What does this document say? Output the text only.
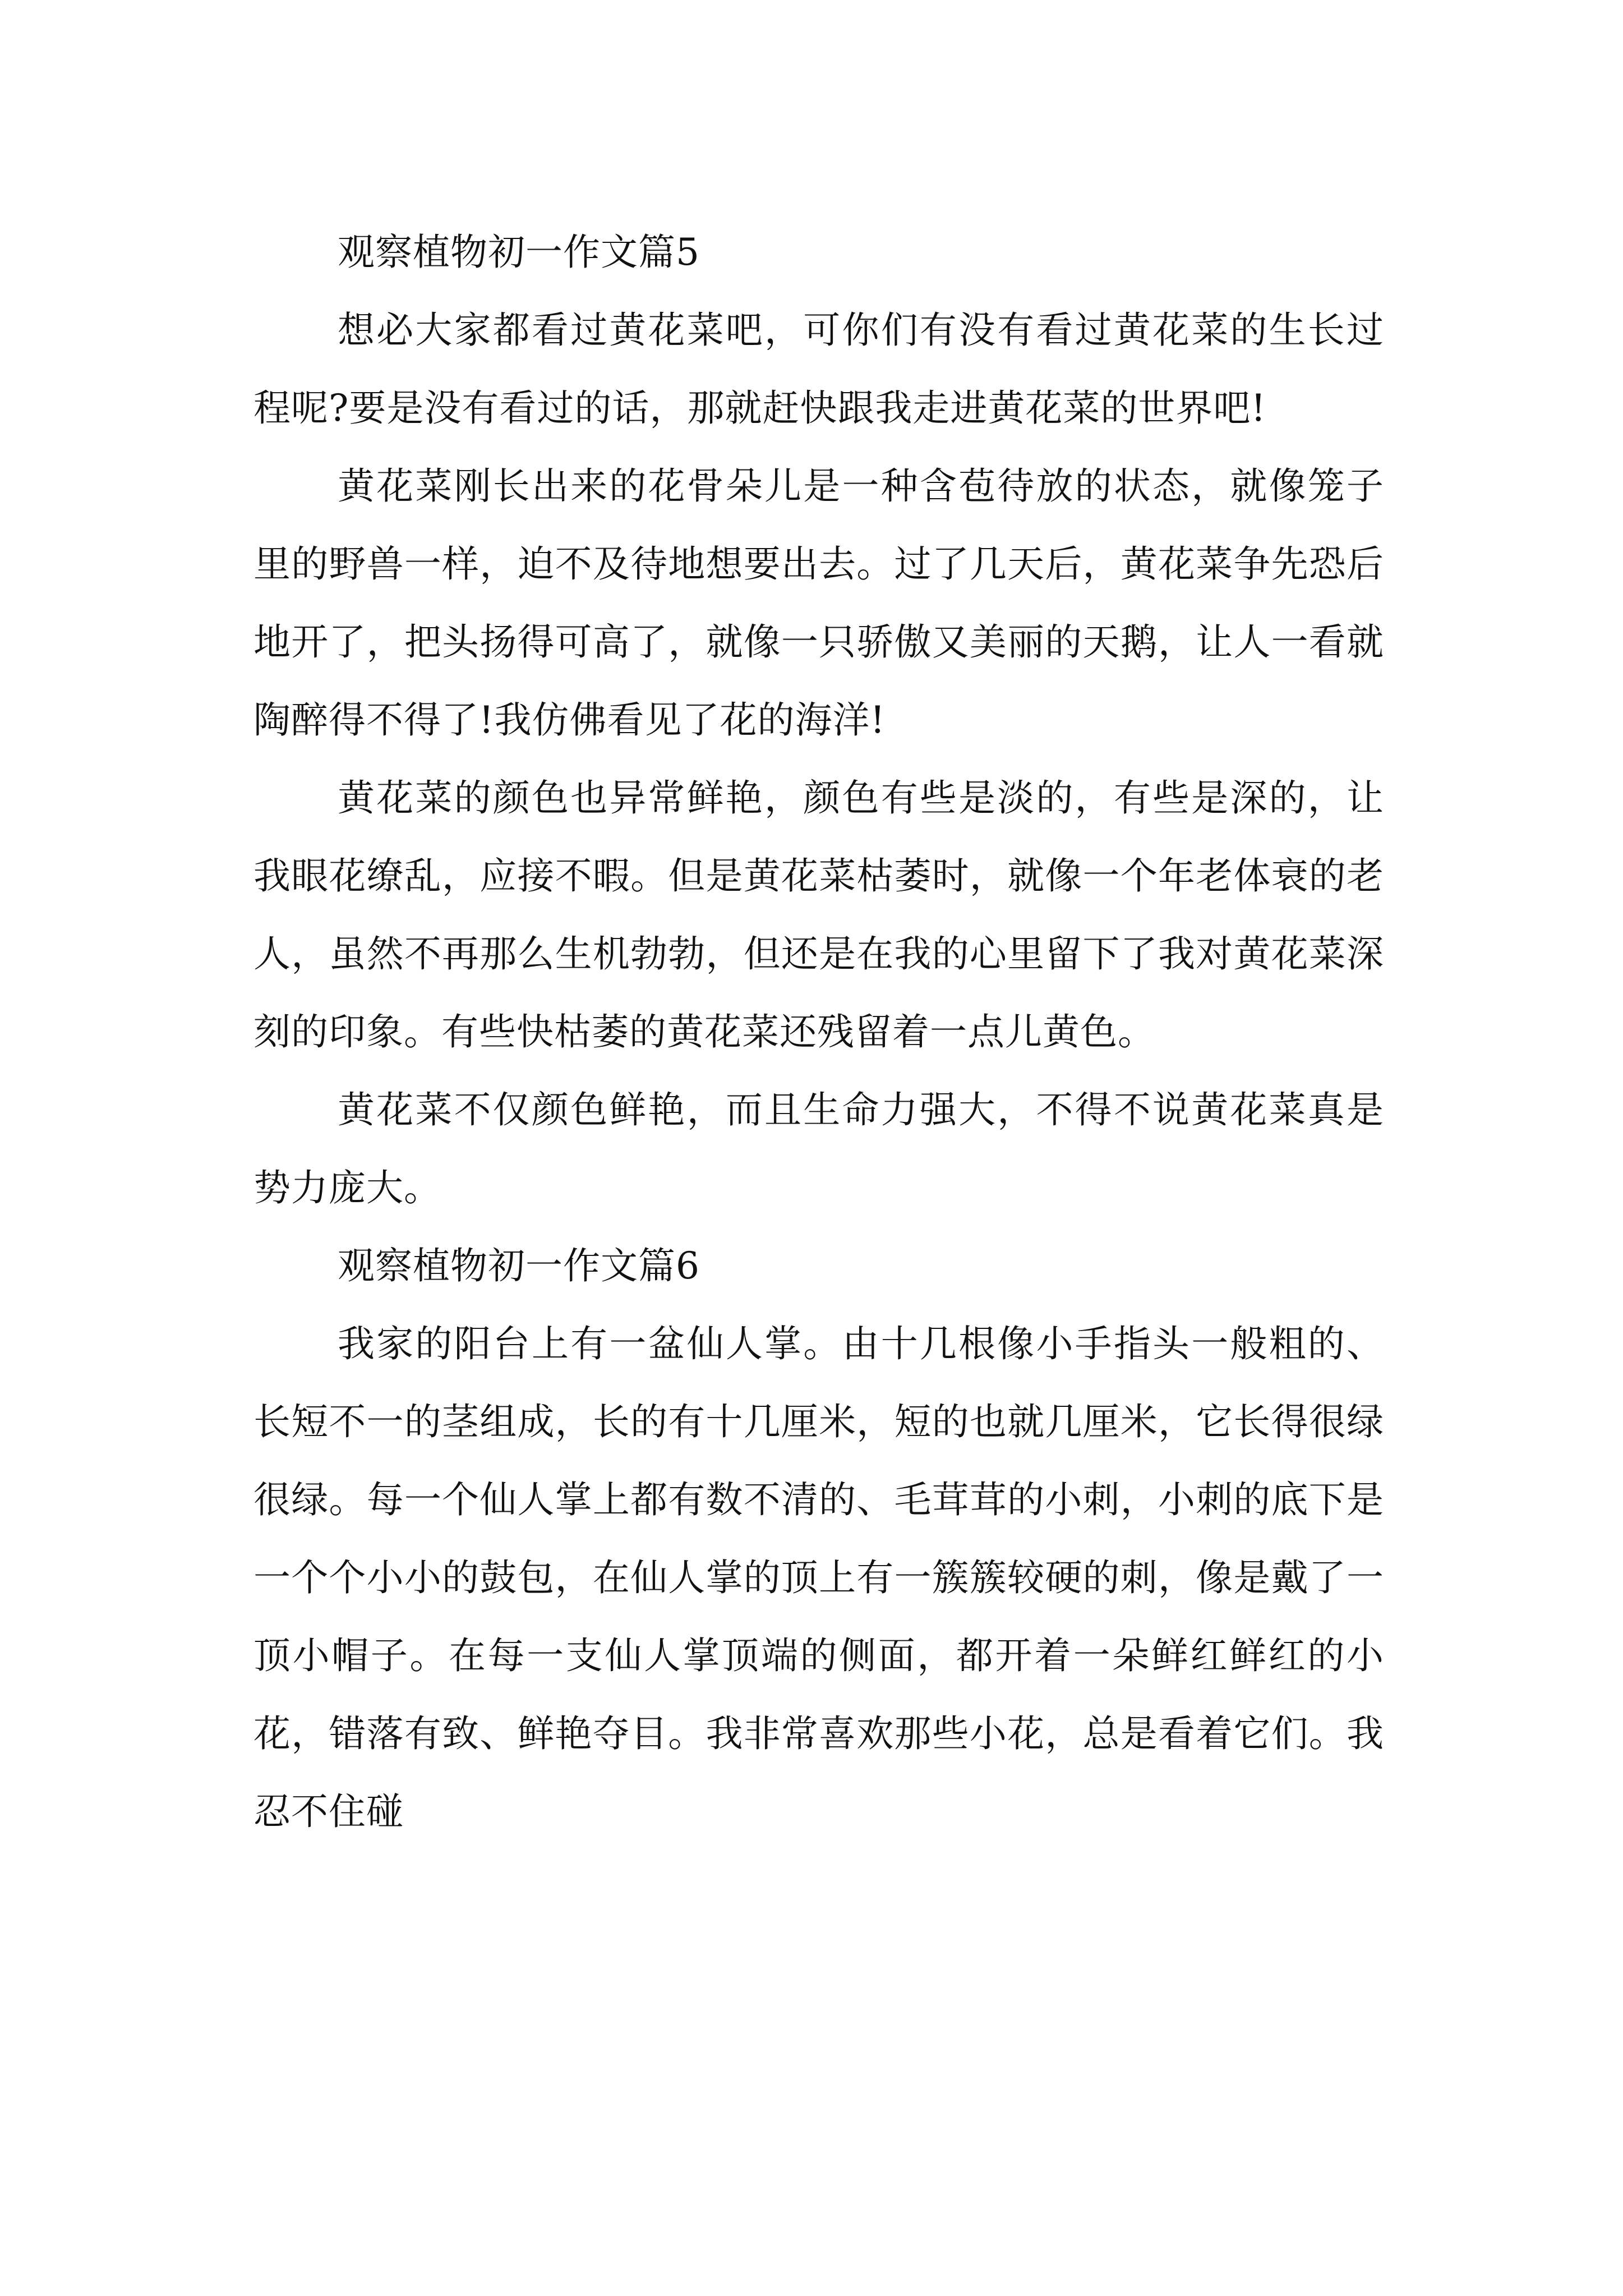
观察植物初一作文篇5

想必大家都看过黄花菜吧，可你们有没有看过黄花菜的生长过程呢?要是没有看过的话，那就赶快跟我走进黄花菜的世界吧!

黄花菜刚长出来的花骨朵儿是一种含苞待放的状态，就像笼子里的野兽一样，迫不及待地想要出去。过了几天后，黄花菜争先恐后地开了，把头扬得可高了，就像一只骄傲又美丽的天鹅，让人一看就陶醉得不得了!我仿佛看见了花的海洋!

黄花菜的颜色也异常鲜艳，颜色有些是淡的，有些是深的，让我眼花缭乱，应接不暇。但是黄花菜枯萎时，就像一个年老体衰的老人，虽然不再那么生机勃勃，但还是在我的心里留下了我对黄花菜深刻的印象。有些快枯萎的黄花菜还残留着一点儿黄色。

黄花菜不仅颜色鲜艳，而且生命力强大，不得不说黄花菜真是势力庞大。

观察植物初一作文篇6

我家的阳台上有一盆仙人掌。由十几根像小手指头一般粗的、长短不一的茎组成，长的有十几厘米，短的也就几厘米，它长得很绿很绿。每一个仙人掌上都有数不清的、毛茸茸的小刺，小刺的底下是一个个小小的鼓包，在仙人掌的顶上有一簇簇较硬的刺，像是戴了一顶小帽子。在每一支仙人掌顶端的侧面，都开着一朵鲜红鲜红的小花，错落有致、鲜艳夺目。我非常喜欢那些小花，总是看着它们。我忍不住碰
